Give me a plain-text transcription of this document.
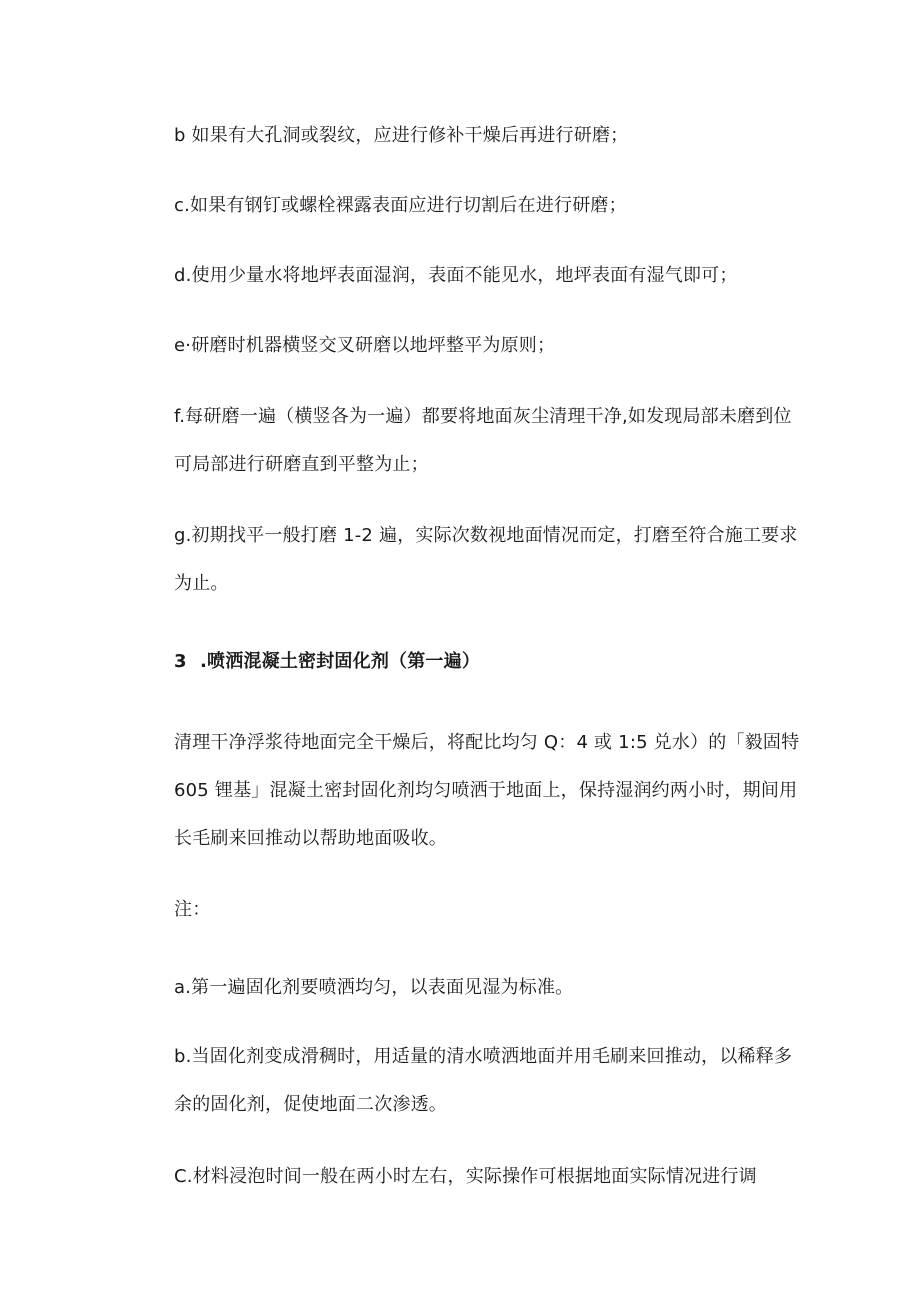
b 如果有大孔洞或裂纹，应进行修补干燥后再进行研磨；

c.如果有钢钉或螺栓裸露表面应进行切割后在进行研磨；

d.使用少量水将地坪表面湿润，表面不能见水，地坪表面有湿气即可；

e·研磨时机器横竖交叉研磨以地坪整平为原则；

f.每研磨一遍（横竖各为一遍）都要将地面灰尘清理干净,如发现局部未磨到位可局部进行研磨直到平整为止；

g.初期找平一般打磨 1-2 遍，实际次数视地面情况而定，打磨至符合施工要求为止。

3 .喷洒混凝土密封固化剂（第一遍）

清理干净浮浆待地面完全干燥后，将配比均匀 Q：4 或 1:5 兑水）的「毅固特 605 锂基」混凝土密封固化剂均匀喷洒于地面上，保持湿润约两小时，期间用长毛刷来回推动以帮助地面吸收。

注：

a.第一遍固化剂要喷洒均匀，以表面见湿为标准。

b.当固化剂变成滑稠时，用适量的清水喷洒地面并用毛刷来回推动，以稀释多余的固化剂，促使地面二次渗透。

C.材料浸泡时间一般在两小时左右，实际操作可根据地面实际情况进行调
